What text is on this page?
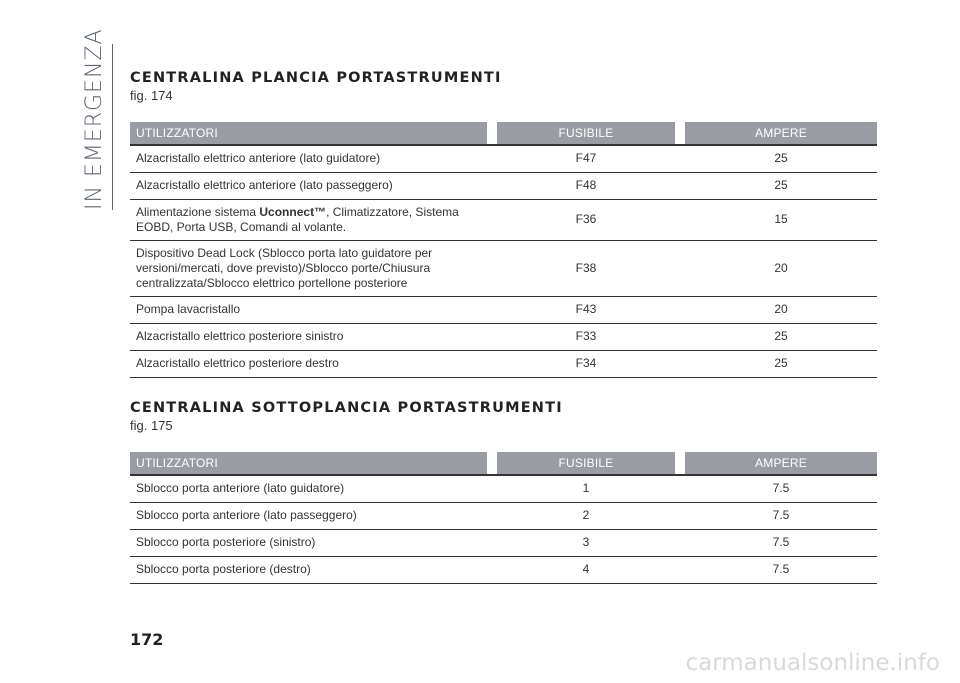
IN EMERGENZA CENTRALINA PLANCIA PORTASTRUMENTI
fig. 174
UTILIZZATORI		FUSIBILE		AMPERE
Alzacristallo elettrico anteriore (lato guidatore)		F47		25
Alzacristallo elettrico anteriore (lato passeggero)		F48		25
Alimentazione sistema Uconnect™, Climatizzatore, Sistema EOBD, Porta USB, Comandi al volante.		F36		15
Dispositivo Dead Lock (Sblocco porta lato guidatore per versioni/mercati, dove previsto)/Sblocco porte/Chiusura centralizzata/Sblocco elettrico portellone posteriore		F38		20
Pompa lavacristallo		F43		20
Alzacristallo elettrico posteriore sinistro		F33		25
Alzacristallo elettrico posteriore destro		F34		25
CENTRALINA SOTTOPLANCIA PORTASTRUMENTI
fig. 175
UTILIZZATORI		FUSIBILE		AMPERE
Sblocco porta anteriore (lato guidatore)		1		7.5
Sblocco porta anteriore (lato passeggero)		2		7.5
Sblocco porta posteriore (sinistro)		3		7.5
Sblocco porta posteriore (destro)		4		7.5
172
carmanualsonline.info
